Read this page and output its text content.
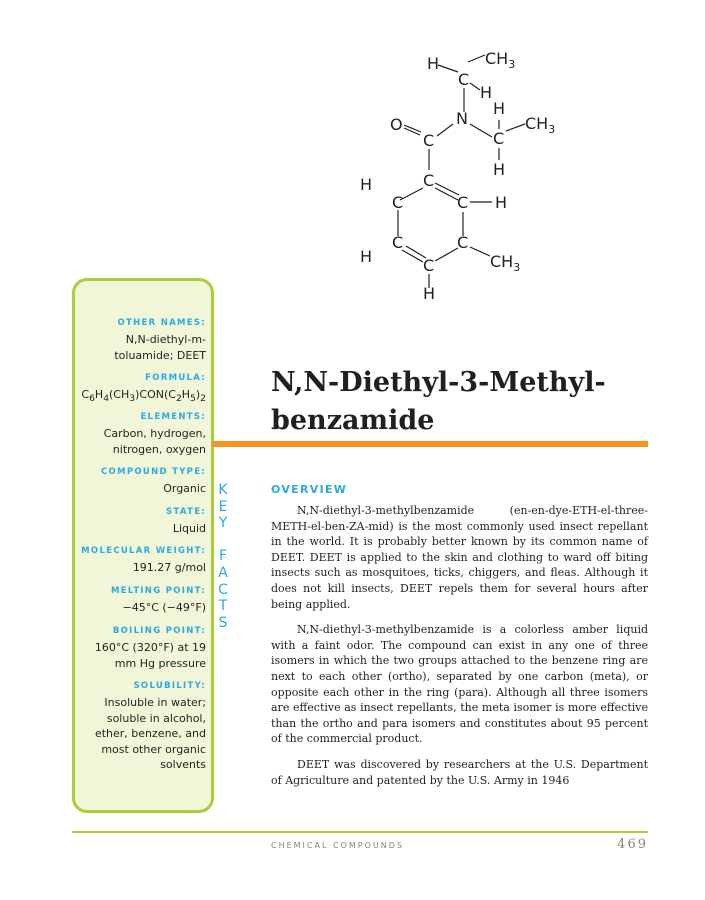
H	$CH_3$
C
H
H
O	N	$CH_3$
C	C
H
C
H
C	C H
C	C
H	$CH_3$
C
H
OTHER NAMES:
N,N-diethyl-m-
toluamide; DEET
FORMULA:
$C_6H_4(CH_3)CON(C_2H_5)_2$
ELEMENTS:
Carbon, hydrogen,
nitrogen, oxygen
COMPOUND TYPE:
Organic
STATE:
Liquid
MOLECULAR WEIGHT:
191.27 g/mol
MELTING POINT:
−45°C (−49°F)
BOILING POINT:
160°C (320°F) at 19
mm Hg pressure
SOLUBILITY:
Insoluble in water;
soluble in alcohol,
ether, benzene, and
most other organic
solvents
K
E
Y

F
A
C
T
S
N,N-Diethyl-3-Methyl-
benzamide
OVERVIEW

N,N-diethyl-3-methylbenzamide (en-en-dye-ETH-el-three-METH-el-ben-ZA-mid) is the most commonly used insect repellant in the world. It is probably better known by its common name of DEET. DEET is applied to the skin and clothing to ward off biting insects such as mosquitoes, ticks, chiggers, and fleas. Although it does not kill insects, DEET repels them for several hours after being applied.

N,N-diethyl-3-methylbenzamide is a colorless amber liquid with a faint odor. The compound can exist in any one of three isomers in which the two groups attached to the benzene ring are next to each other (ortho), separated by one carbon (meta), or opposite each other in the ring (para). Although all three isomers are effective as insect repellants, the meta isomer is more effective than the ortho and para isomers and constitutes about 95 percent of the commercial product.

DEET was discovered by researchers at the U.S. Department of Agriculture and patented by the U.S. Army in 1946

CHEMICAL COMPOUNDS	469
